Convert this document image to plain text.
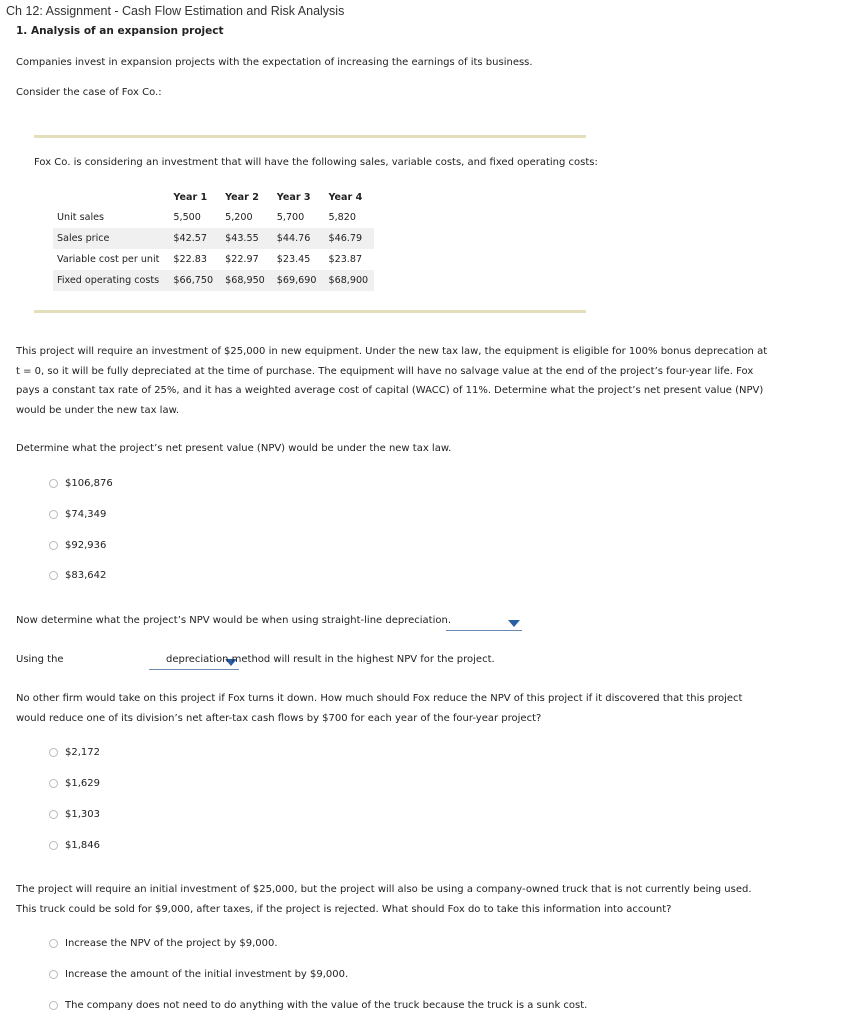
Ch 12: Assignment - Cash Flow Estimation and Risk Analysis
1. Analysis of an expansion project
Companies invest in expansion projects with the expectation of increasing the earnings of its business.
Consider the case of Fox Co.:
Fox Co. is considering an investment that will have the following sales, variable costs, and fixed operating costs:
	Year 1	Year 2	Year 3	Year 4
Unit sales	5,500	5,200	5,700	5,820
Sales price	$42.57	$43.55	$44.76	$46.79
Variable cost per unit	$22.83	$22.97	$23.45	$23.87
Fixed operating costs	$66,750	$68,950	$69,690	$68,900
This project will require an investment of $25,000 in new equipment. Under the new tax law, the equipment is eligible for 100% bonus deprecation at
t = 0, so it will be fully depreciated at the time of purchase. The equipment will have no salvage value at the end of the project’s four-year life. Fox
pays a constant tax rate of 25%, and it has a weighted average cost of capital (WACC) of 11%. Determine what the project’s net present value (NPV)
would be under the new tax law.
Determine what the project’s net present value (NPV) would be under the new tax law.
$106,876
$74,349
$92,936
$83,642
Now determine what the project’s NPV would be when using straight-line depreciation.

Using the	depreciation method will result in the highest NPV for the project.
No other firm would take on this project if Fox turns it down. How much should Fox reduce the NPV of this project if it discovered that this project
would reduce one of its division’s net after-tax cash flows by $700 for each year of the four-year project?
$2,172
$1,629
$1,303
$1,846
The project will require an initial investment of $25,000, but the project will also be using a company-owned truck that is not currently being used.
This truck could be sold for $9,000, after taxes, if the project is rejected. What should Fox do to take this information into account?
Increase the NPV of the project by $9,000.
Increase the amount of the initial investment by $9,000.
The company does not need to do anything with the value of the truck because the truck is a sunk cost.
